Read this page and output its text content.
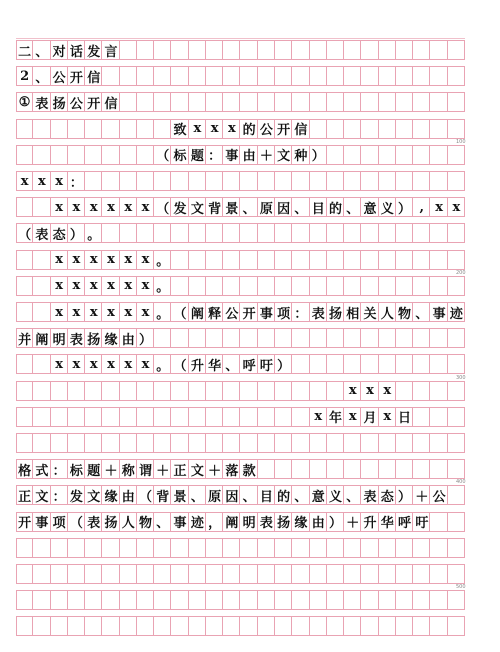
二 、 对 话 发 言
2 、 公 开 信
① 表 扬 公 开 信
致 x x x 的 公 开 信
（ 标 题 ： 事 由 ＋ 文 种 ）
x x x ：
x x x x x x （ 发 文 背 景 、 原 因 、 目 的 、 意 义 ） , x x
（ 表 态 ） 。
x x x x x x 。
x x x x x x 。
x x x x x x 。 （ 阐 释 公 开 事 项 ： 表 扬 相 关 人 物 、 事 迹
并 阐 明 表 扬 缘 由 ）
x x x x x x 。 （ 升 华 、 呼 吁 ）
x x x
x 年 x 月 x 日
格 式 ： 标 题 ＋ 称 谓 ＋ 正 文 ＋ 落 款
正 文 ： 发 文 缘 由 （ 背 景 、 原 因 、 目 的 、 意 义 、 表 态 ） ＋ 公
开 事 项 （ 表 扬 人 物 、 事 迹 ， 阐 明 表 扬 缘 由 ） ＋ 升 华 呼 吁
100
200
300
400
500
